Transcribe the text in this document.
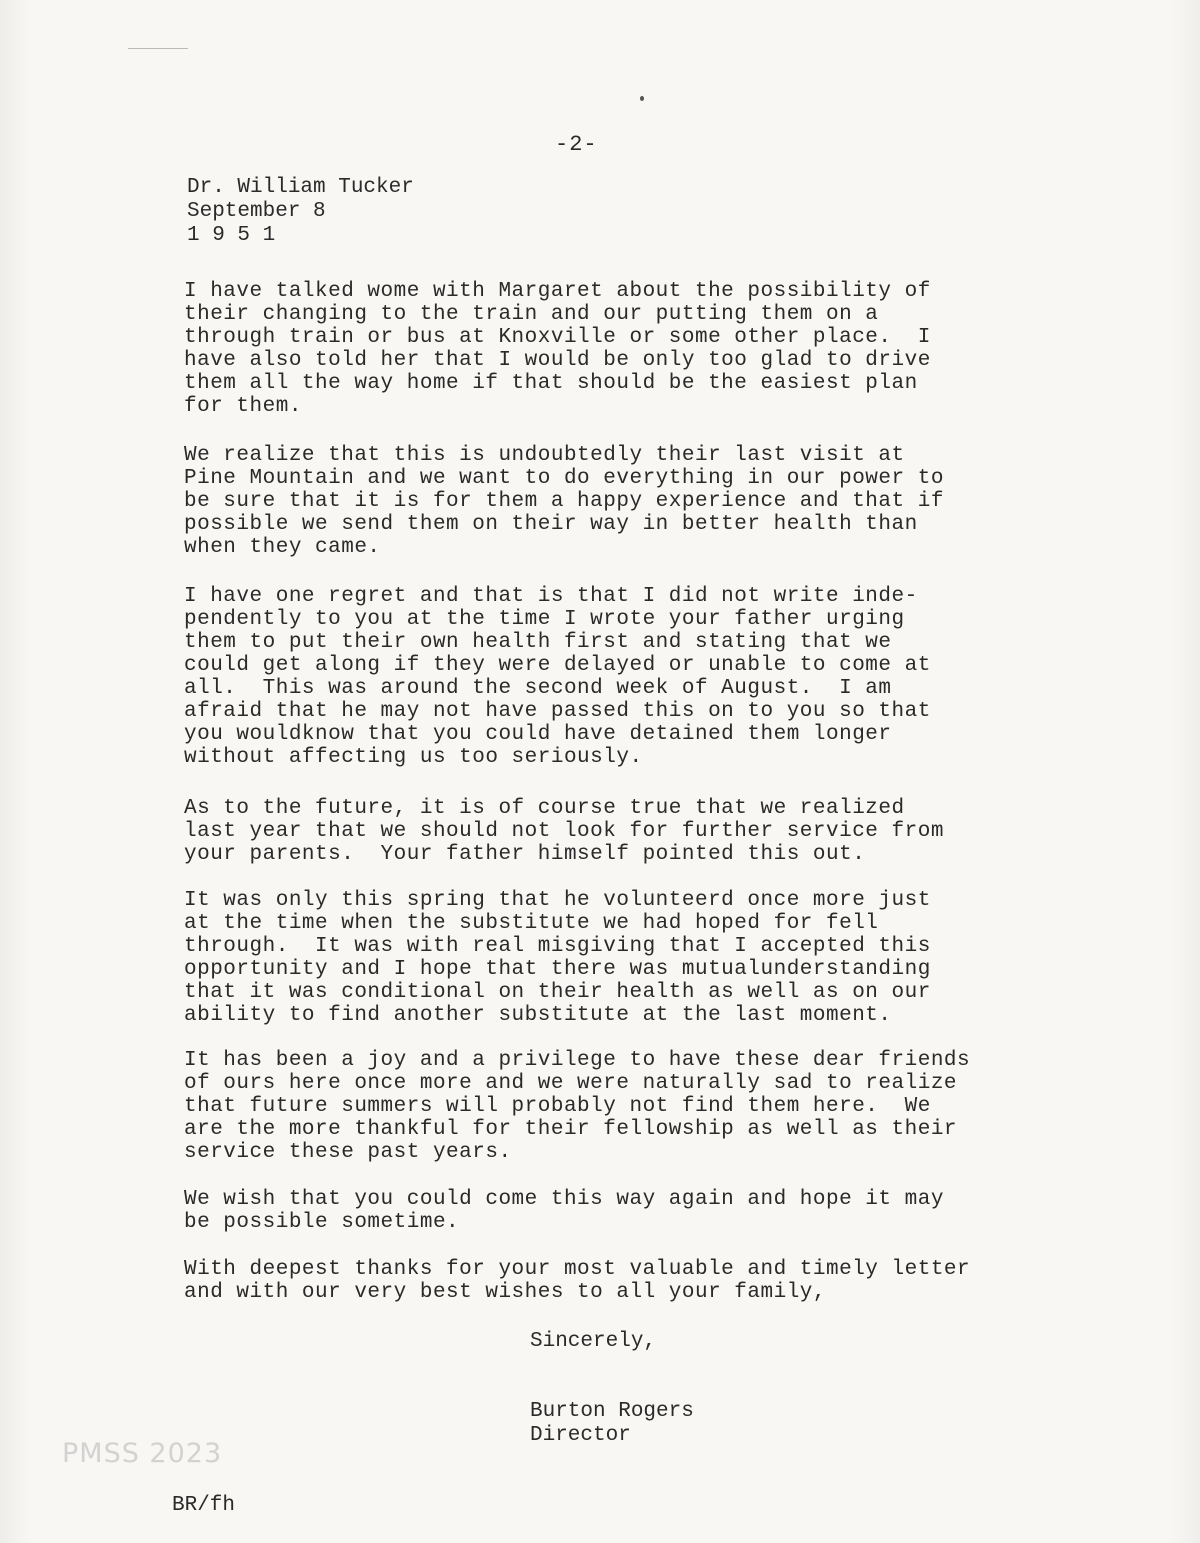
-2-
Dr. William Tucker
September 8
1 9 5 1
I have talked wome with Margaret about the possibility of
their changing to the train and our putting them on a
through train or bus at Knoxville or some other place.  I
have also told her that I would be only too glad to drive
them all the way home if that should be the easiest plan
for them.
We realize that this is undoubtedly their last visit at
Pine Mountain and we want to do everything in our power to
be sure that it is for them a happy experience and that if
possible we send them on their way in better health than
when they came.
I have one regret and that is that I did not write inde-
pendently to you at the time I wrote your father urging
them to put their own health first and stating that we
could get along if they were delayed or unable to come at
all.  This was around the second week of August.  I am
afraid that he may not have passed this on to you so that
you wouldknow that you could have detained them longer
without affecting us too seriously.
As to the future, it is of course true that we realized
last year that we should not look for further service from
your parents.  Your father himself pointed this out.
It was only this spring that he volunteerd once more just
at the time when the substitute we had hoped for fell
through.  It was with real misgiving that I accepted this
opportunity and I hope that there was mutualunderstanding
that it was conditional on their health as well as on our
ability to find another substitute at the last moment.
It has been a joy and a privilege to have these dear friends
of ours here once more and we were naturally sad to realize
that future summers will probably not find them here.  We
are the more thankful for their fellowship as well as their
service these past years.
We wish that you could come this way again and hope it may
be possible sometime.
With deepest thanks for your most valuable and timely letter
and with our very best wishes to all your family,
Sincerely,
Burton Rogers
Director
PMSS 2023
BR/fh
